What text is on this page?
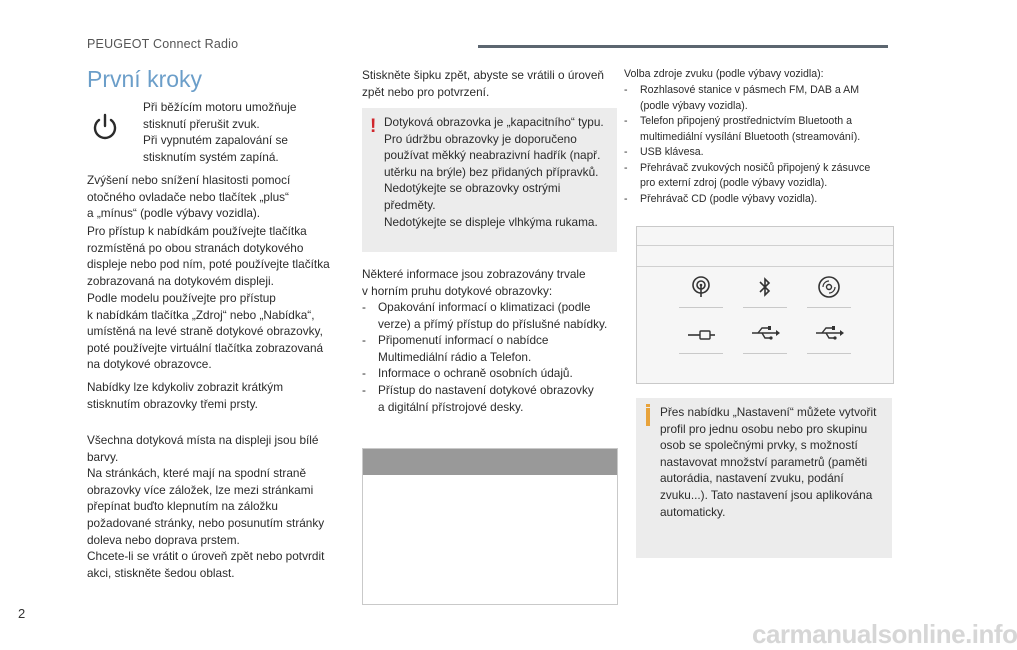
PEUGEOT Connect Radio
První kroky
Při běžícím motoru umožňuje
stisknutí přerušit zvuk.
Při vypnutém zapalování se
stisknutím systém zapíná.
Zvýšení nebo snížení hlasitosti pomocí
otočného ovladače nebo tlačítek „plus“
a „mínus“ (podle výbavy vozidla).
Pro přístup k nabídkám používejte tlačítka
rozmístěná po obou stranách dotykového
displeje nebo pod ním, poté používejte tlačítka
zobrazovaná na dotykovém displeji.
Podle modelu používejte pro přístup
k nabídkám tlačítka „Zdroj“ nebo „Nabídka“,
umístěná na levé straně dotykové obrazovky,
poté používejte virtuální tlačítka zobrazovaná
na dotykové obrazovce.
Nabídky lze kdykoliv zobrazit krátkým
stisknutím obrazovky třemi prsty.
Všechna dotyková místa na displeji jsou bílé
barvy.
Na stránkách, které mají na spodní straně
obrazovky více záložek, lze mezi stránkami
přepínat buďto klepnutím na záložku
požadované stránky, nebo posunutím stránky
doleva nebo doprava prstem.
Chcete-li se vrátit o úroveň zpět nebo potvrdit
akci, stiskněte šedou oblast.
Stiskněte šipku zpět, abyste se vrátili o úroveň
zpět nebo pro potvrzení.
! Dotyková obrazovka je „kapacitního“ typu.
Pro údržbu obrazovky je doporučeno
používat měkký neabrazivní hadřík (např.
utěrku na brýle) bez přidaných přípravků.
Nedotýkejte se obrazovky ostrými
předměty.
Nedotýkejte se displeje vlhkýma rukama.
Některé informace jsou zobrazovány trvale
v horním pruhu dotykové obrazovky:
- Opakování informací o klimatizaci (podle
verze) a přímý přístup do příslušné nabídky.
- Připomenutí informací o nabídce
Multimediální rádio a Telefon.
- Informace o ochraně osobních údajů.
- Přístup do nastavení dotykové obrazovky
a digitální přístrojové desky.
Volba zdroje zvuku (podle výbavy vozidla):
- Rozhlasové stanice v pásmech FM, DAB a AM
(podle výbavy vozidla).
- Telefon připojený prostřednictvím Bluetooth a
multimediální vysílání Bluetooth (streamování).
- USB klávesa.
- Přehrávač zvukových nosičů připojený k zásuvce
pro externí zdroj (podle výbavy vozidla).
- Přehrávač CD (podle výbavy vozidla).
Přes nabídku „Nastavení“ můžete vytvořit
profil pro jednu osobu nebo pro skupinu
osob se společnými prvky, s možností
nastavovat množství parametrů (paměti
autorádia, nastavení zvuku, podání
zvuku...). Tato nastavení jsou aplikována
automaticky.
2
carmanualsonline.info
